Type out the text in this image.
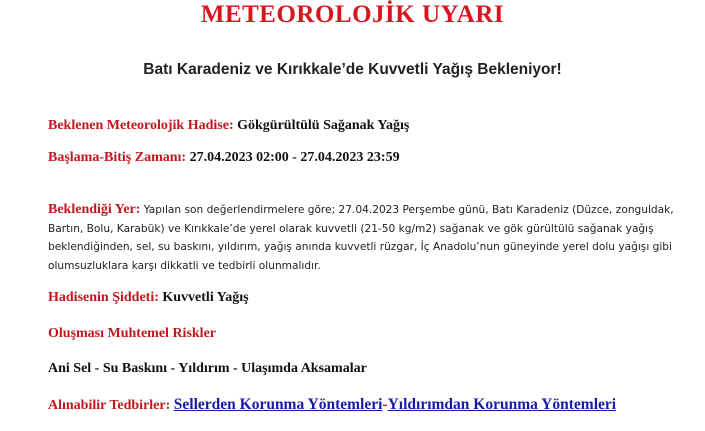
METEOROLOJİK UYARI
Batı Karadeniz ve Kırıkkale’de Kuvvetli Yağış Bekleniyor!
Beklenen Meteorolojik Hadise: Gökgürültülü Sağanak Yağış
Başlama-Bitiş Zamanı: 27.04.2023 02:00 - 27.04.2023 23:59
Beklendiği Yer: Yapılan son değerlendirmelere göre; 27.04.2023 Perşembe günü, Batı Karadeniz (Düzce, zonguldak, Bartın, Bolu, Karabük) ve Kırıkkale’de yerel olarak kuvvetli (21-50 kg/m2) sağanak ve gök gürültülü sağanak yağış beklendiğinden, sel, su baskını, yıldırım, yağış anında kuvvetli rüzgar, İç Anadolu’nun güneyinde yerel dolu yağışı gibi olumsuzluklara karşı dikkatli ve tedbirli olunmalıdır.
Hadisenin Şiddeti: Kuvvetli Yağış
Oluşması Muhtemel Riskler
Ani Sel - Su Baskını - Yıldırım - Ulaşımda Aksamalar
Alınabilir Tedbirler: Sellerden Korunma Yöntemleri-Yıldırımdan Korunma Yöntemleri
